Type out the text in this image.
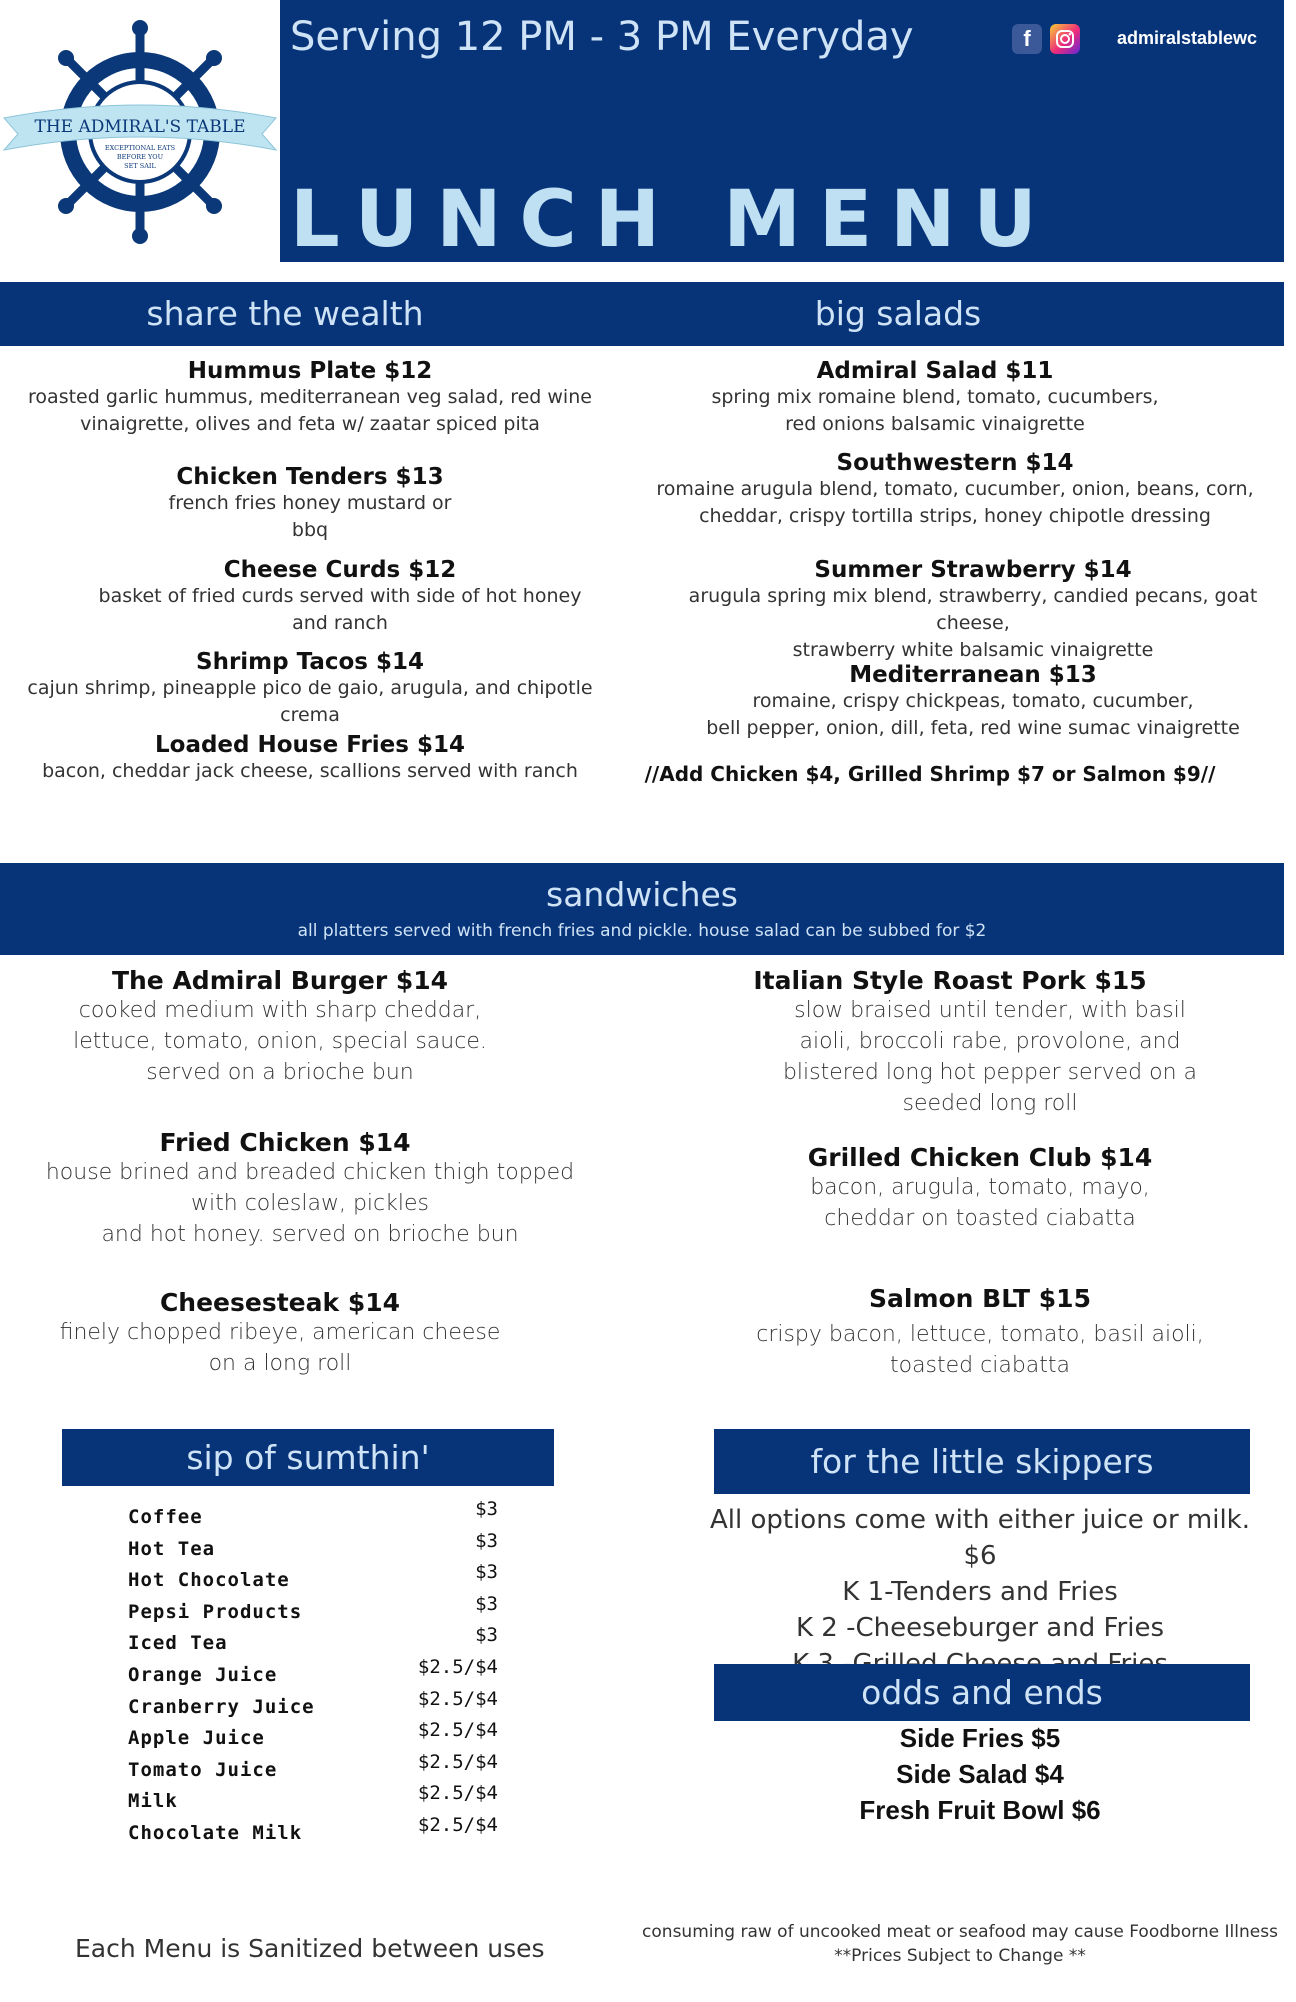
THE ADMIRAL'S TABLE
EXCEPTIONAL EATS
BEFORE YOU
SET SAIL
Serving 12 PM - 3 PM Everyday	f	admiralstablewc
LUNCH MENU
share the wealth	big salads
Hummus Plate $12
roasted garlic hummus, mediterranean veg salad, red wine
vinaigrette, olives and feta w/ zaatar spiced pita
Chicken Tenders $13
french fries honey mustard or
bbq
Cheese Curds $12
basket of fried curds served with side of hot honey
and ranch
Shrimp Tacos $14
cajun shrimp, pineapple pico de gaio, arugula, and chipotle
crema
Loaded House Fries $14
bacon, cheddar jack cheese, scallions served with ranch
Admiral Salad $11
spring mix romaine blend, tomato, cucumbers,
red onions balsamic vinaigrette
Southwestern $14
romaine arugula blend, tomato, cucumber, onion, beans, corn,
cheddar, crispy tortilla strips, honey chipotle dressing
Summer Strawberry $14
arugula spring mix blend, strawberry, candied pecans, goat cheese,
strawberry white balsamic vinaigrette
Mediterranean $13
romaine, crispy chickpeas, tomato, cucumber,
bell pepper, onion, dill, feta, red wine sumac vinaigrette
//Add Chicken $4, Grilled Shrimp $7 or Salmon $9//
sandwiches
all platters served with french fries and pickle. house salad can be subbed for $2
The Admiral Burger $14
cooked medium with sharp cheddar,
lettuce, tomato, onion, special sauce.
served on a brioche bun
Italian Style Roast Pork $15
slow braised until tender, with basil
aioli, broccoli rabe, provolone, and
blistered long hot pepper served on a
seeded long roll
Fried Chicken $14
house brined and breaded chicken thigh topped
with coleslaw, pickles
and hot honey. served on brioche bun
Grilled Chicken Club $14
bacon, arugula, tomato, mayo,
cheddar on toasted ciabatta
Cheesesteak $14
finely chopped ribeye, american cheese
on a long roll
Salmon BLT $15
crispy bacon, lettuce, tomato, basil aioli,
toasted ciabatta
sip of sumthin'
Coffee	$3
Hot Tea	$3
Hot Chocolate	$3
Pepsi Products	$3
Iced Tea	$3
Orange Juice	$2.5/$4
Cranberry Juice	$2.5/$4
Apple Juice	$2.5/$4
Tomato Juice	$2.5/$4
Milk	$2.5/$4
Chocolate Milk	$2.5/$4
for the little skippers
All options come with either juice or milk. $6
K 1-Tenders and Fries
K 2 -Cheeseburger and Fries
odds and ends
Side Fries $5
Side Salad $4
Fresh Fruit Bowl $6
Each Menu is Sanitized between uses
consuming raw of uncooked meat or seafood may cause Foodborne Illness
**Prices Subject to Change **
